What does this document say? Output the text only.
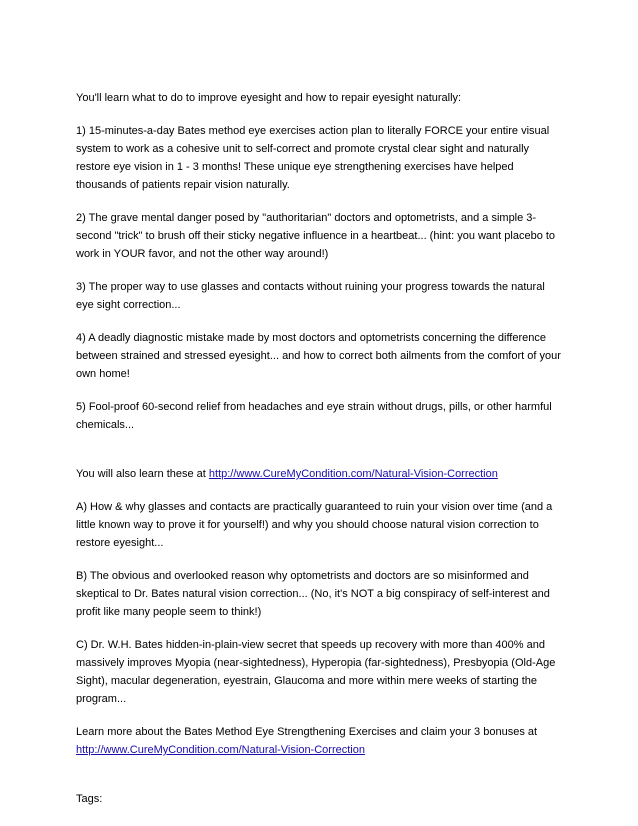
You'll learn what to do to improve eyesight and how to repair eyesight naturally:

1) 15-minutes-a-day Bates method eye exercises action plan to literally FORCE your entire visual system to work as a cohesive unit to self-correct and promote crystal clear sight and naturally restore eye vision in 1 - 3 months! These unique eye strengthening exercises have helped thousands of patients repair vision naturally.

2) The grave mental danger posed by "authoritarian" doctors and optometrists, and a simple 3-second "trick" to brush off their sticky negative influence in a heartbeat... (hint: you want placebo to work in YOUR favor, and not the other way around!)

3) The proper way to use glasses and contacts without ruining your progress towards the natural eye sight correction...

4) A deadly diagnostic mistake made by most doctors and optometrists concerning the difference between strained and stressed eyesight... and how to correct both ailments from the comfort of your own home!

5) Fool-proof 60-second relief from headaches and eye strain without drugs, pills, or other harmful chemicals...

You will also learn these at http://www.CureMyCondition.com/Natural-Vision-Correction

A) How & why glasses and contacts are practically guaranteed to ruin your vision over time (and a little known way to prove it for yourself!) and why you should choose natural vision correction to restore eyesight...

B) The obvious and overlooked reason why optometrists and doctors are so misinformed and skeptical to Dr. Bates natural vision correction... (No, it's NOT a big conspiracy of self-interest and profit like many people seem to think!)

C) Dr. W.H. Bates hidden-in-plain-view secret that speeds up recovery with more than 400% and massively improves Myopia (near-sightedness), Hyperopia (far-sightedness), Presbyopia (Old-Age Sight), macular degeneration, eyestrain, Glaucoma and more within mere weeks of starting the program...

Learn more about the Bates Method Eye Strengthening Exercises and claim your 3 bonuses at http://www.CureMyCondition.com/Natural-Vision-Correction

Tags:
